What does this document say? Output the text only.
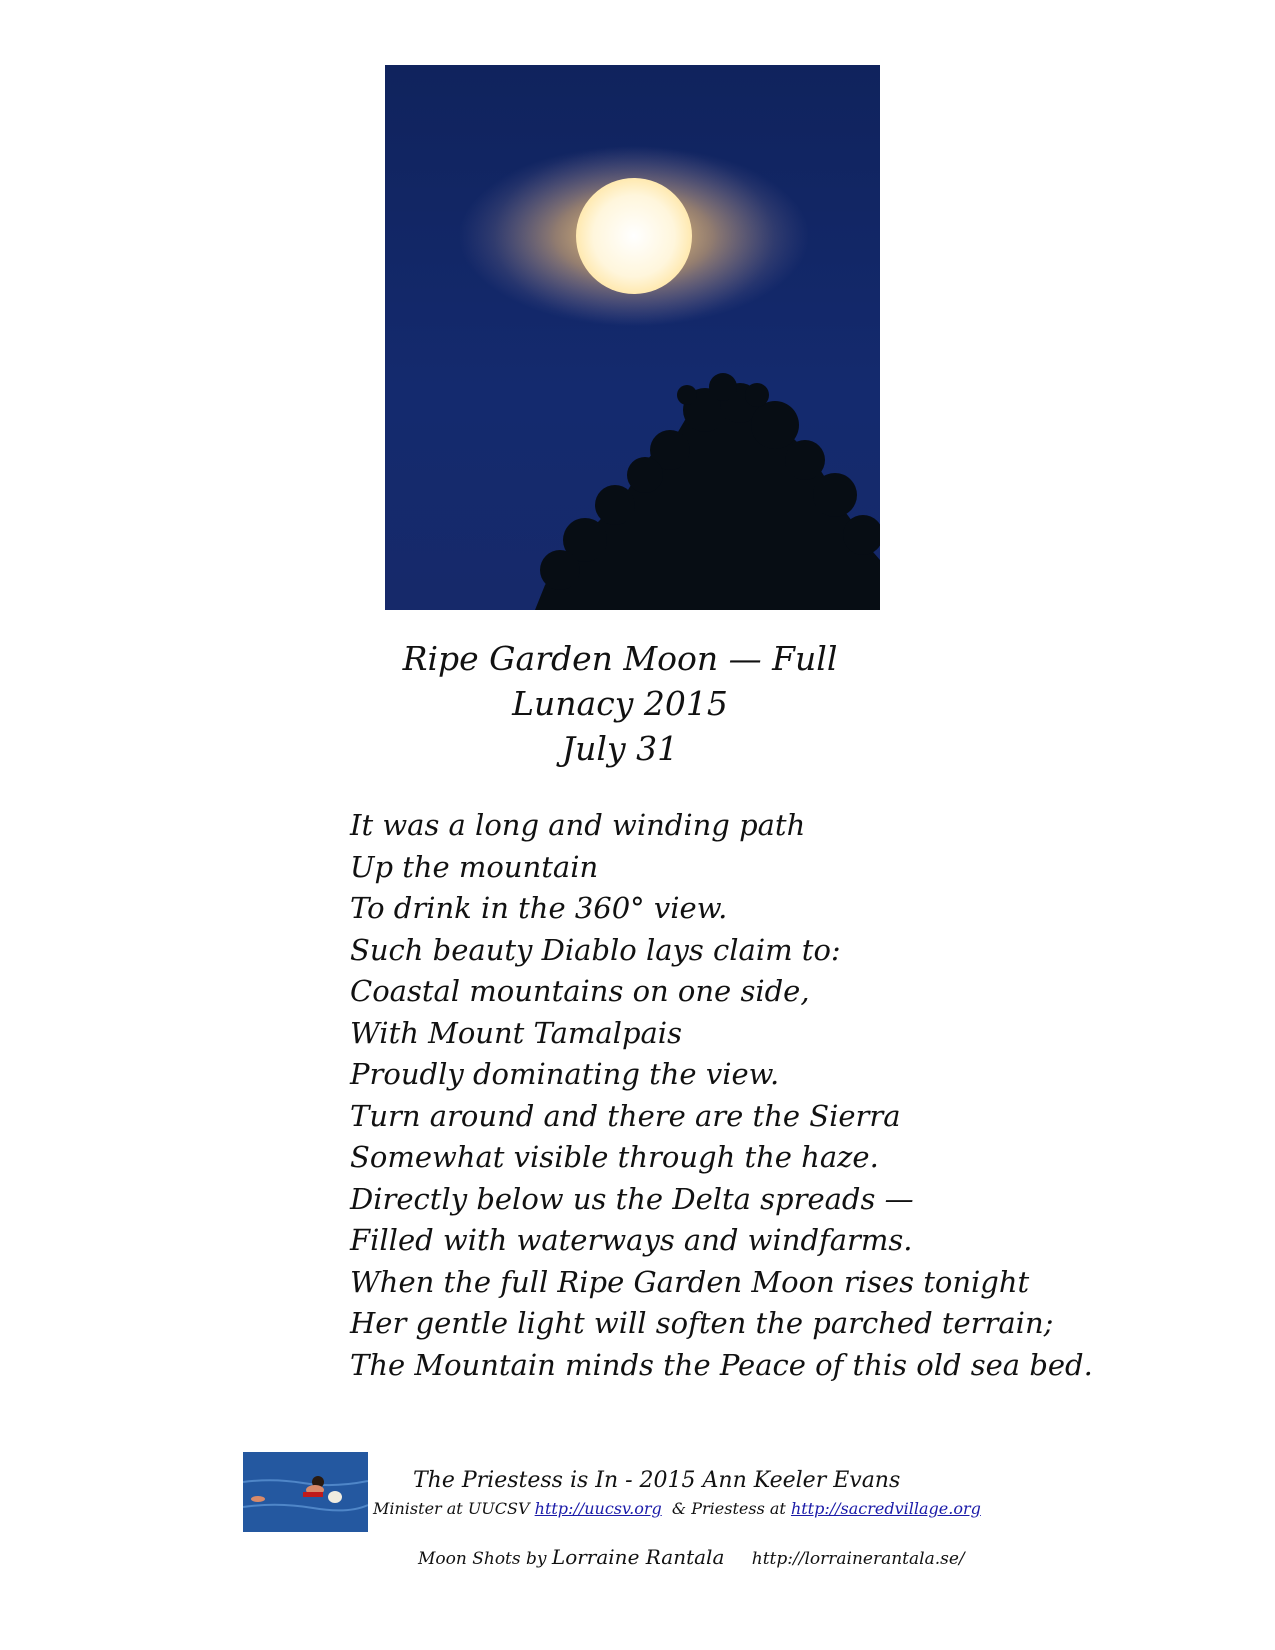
Ripe Garden Moon — Full
Lunacy 2015
July 31
It was a long and winding path
Up the mountain
To drink in the 360° view.
Such beauty Diablo lays claim to:
Coastal mountains on one side,
With Mount Tamalpais
Proudly dominating the view.
Turn around and there are the Sierra
Somewhat visible through the haze.
Directly below us the Delta spreads —
Filled with waterways and windfarms.
When the full Ripe Garden Moon rises tonight
Her gentle light will soften the parched terrain;
The Mountain minds the Peace of this old sea bed.
The Priestess is In - 2015 Ann Keeler Evans
Minister at UUCSV http://uucsv.org & Priestess at http://sacredvillage.org
Moon Shots by Lorraine Rantala http://lorrainerantala.se/
